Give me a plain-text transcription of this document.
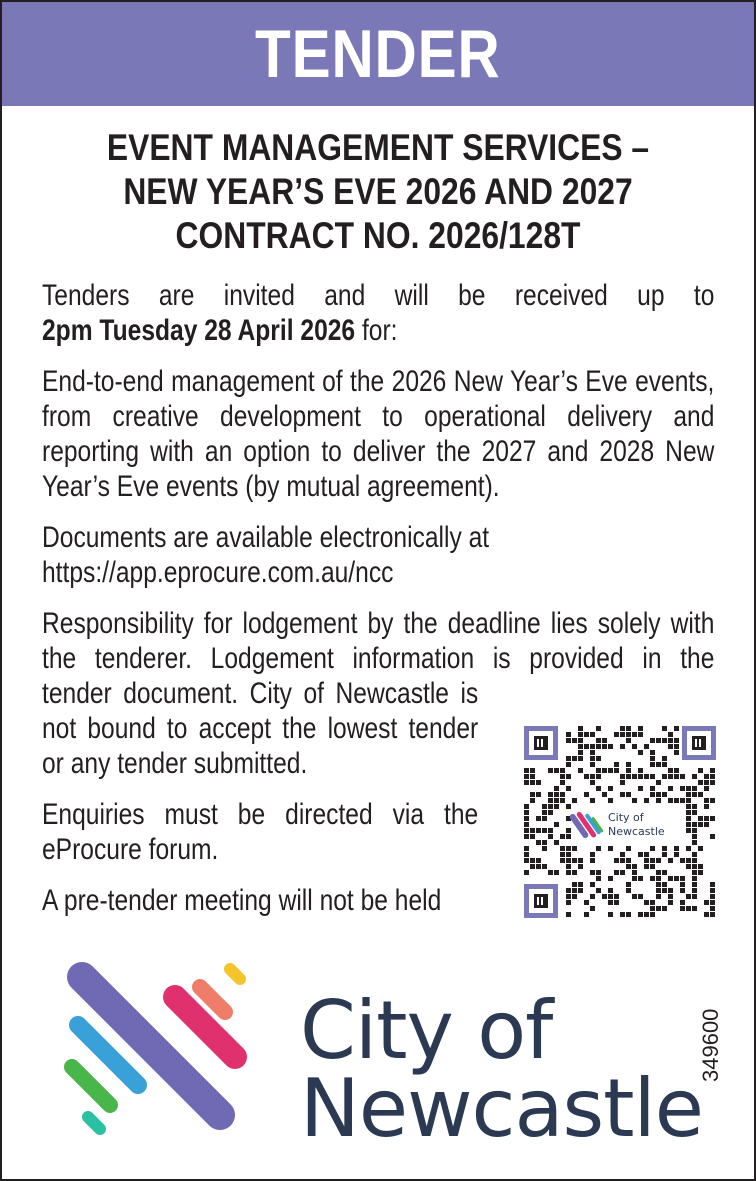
TENDER
EVENT MANAGEMENT SERVICES –
NEW YEAR’S EVE 2026 AND 2027
CONTRACT NO. 2026/128T

Tenders are invited and will be received up to
2pm Tuesday 28 April 2026 for:

End-to-end management of the 2026 New Year’s Eve events, from creative development to operational delivery and reporting with an option to deliver the 2027 and 2028 New Year’s Eve events (by mutual agreement).

Documents are available electronically at
https://app.eprocure.com.au/ncc

Responsibility for lodgement by the deadline lies solely with the tenderer. Lodgement information is provided in the
tender document. City of Newcastle is not bound to accept the lowest tender or any tender submitted.

Enquiries must be directed via the eProcure forum.

A pre-tender meeting will not be held

City of
Newcastle
City of
Newcastle
349600
